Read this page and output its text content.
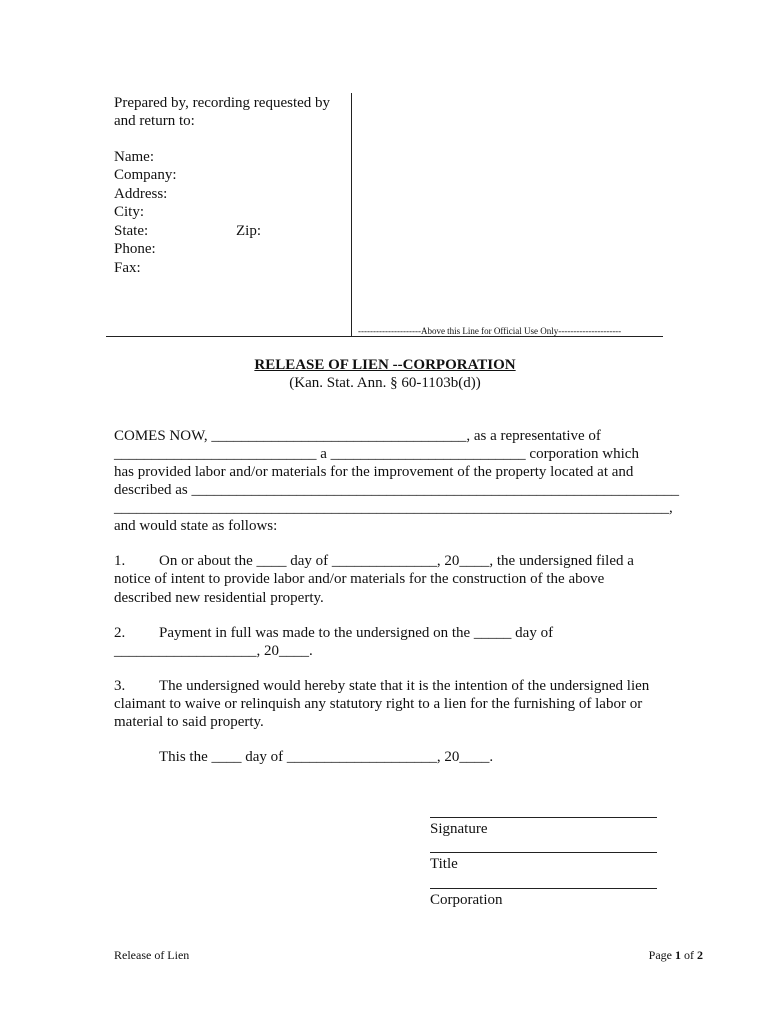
Prepared by, recording requested by
and return to:
Name:
Company:
Address:
City:
State:	Zip:
Phone:
Fax:
---------------------Above this Line for Official Use Only---------------------
RELEASE OF LIEN --CORPORATION
(Kan. Stat. Ann. § 60-1103b(d))
COMES NOW, __________________________________, as a representative of
___________________________ a __________________________ corporation which
has provided labor and/or materials for the improvement of the property located at and
described as _________________________________________________________________
__________________________________________________________________________,
and would state as follows:
1. On or about the ____ day of ______________, 20____, the undersigned filed a
notice of intent to provide labor and/or materials for the construction of the above
described new residential property.
2. Payment in full was made to the undersigned on the _____ day of
___________________, 20____.
3. The undersigned would hereby state that it is the intention of the undersigned lien
claimant to waive or relinquish any statutory right to a lien for the furnishing of labor or
material to said property.
This the ____ day of ____________________, 20____.
Signature
Title
Corporation
Release of Lien	Page 1 of 2
